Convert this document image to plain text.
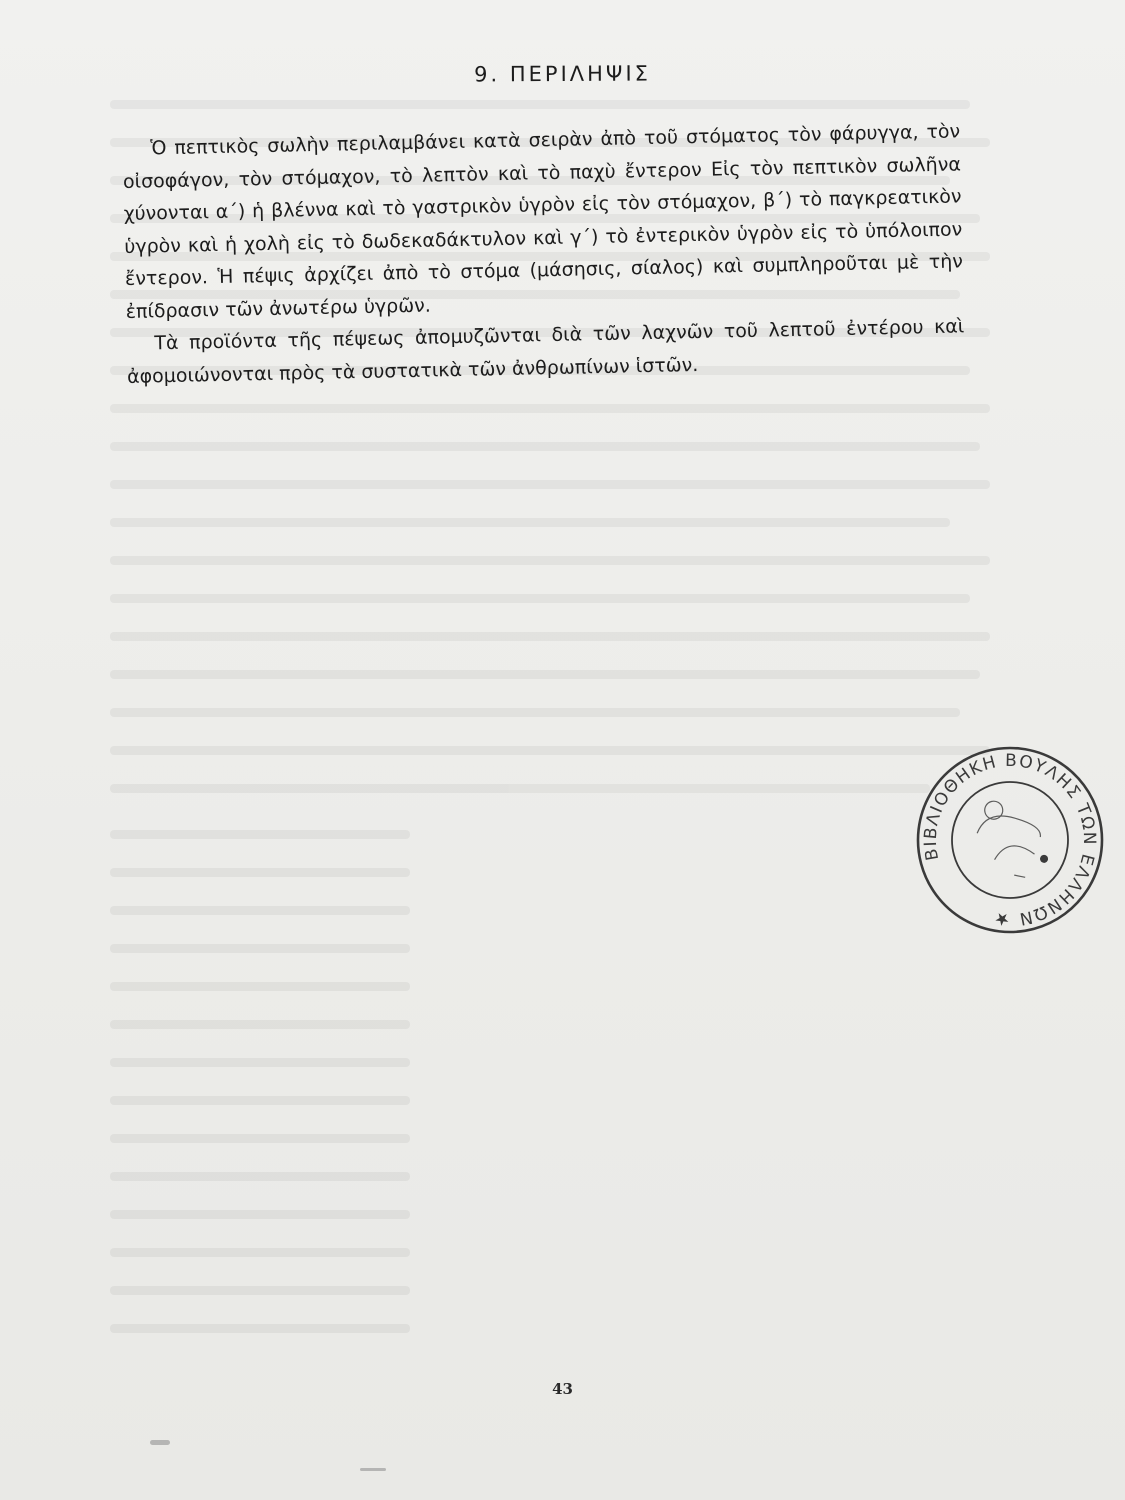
9. ΠΕΡΙΛΗΨΙΣ

Ὁ πεπτικὸς σωλὴν περιλαμβάνει κατὰ σειρὰν ἀπὸ τοῦ στόματος τὸν φάρυγγα, τὸν οἰσοφάγον, τὸν στόμαχον, τὸ λεπτὸν καὶ τὸ παχὺ ἔντερον Εἰς τὸν πεπτικὸν σωλῆνα χύνονται α΄) ἡ βλέννα καὶ τὸ γαστρικὸν ὑγρὸν εἰς τὸν στόμαχον, β΄) τὸ παγκρεατικὸν ὑγρὸν καὶ ἡ χολὴ εἰς τὸ δωδεκαδάκτυλον καὶ γ΄) τὸ ἐντερικὸν ὑγρὸν εἰς τὸ ὑπόλοιπον ἔντερον. Ἡ πέψις ἀρχίζει ἀπὸ τὸ στόμα (μάσησις, σίαλος) καὶ συμπληροῦται μὲ τὴν ἐπίδρασιν τῶν ἀνωτέρω ὑγρῶν.

Τὰ προϊόντα τῆς πέψεως ἀπομυζῶνται διὰ τῶν λαχνῶν τοῦ λεπτοῦ ἐντέρου καὶ ἀφομοιώνονται πρὸς τὰ συστατικὰ τῶν ἀνθρωπίνων ἱστῶν.

ΒΙΒΛΙΟΘΗΚΗ ΒΟΥΛΗΣ ΤΩΝ ΕΛΛΗΝΩΝ ★
43
